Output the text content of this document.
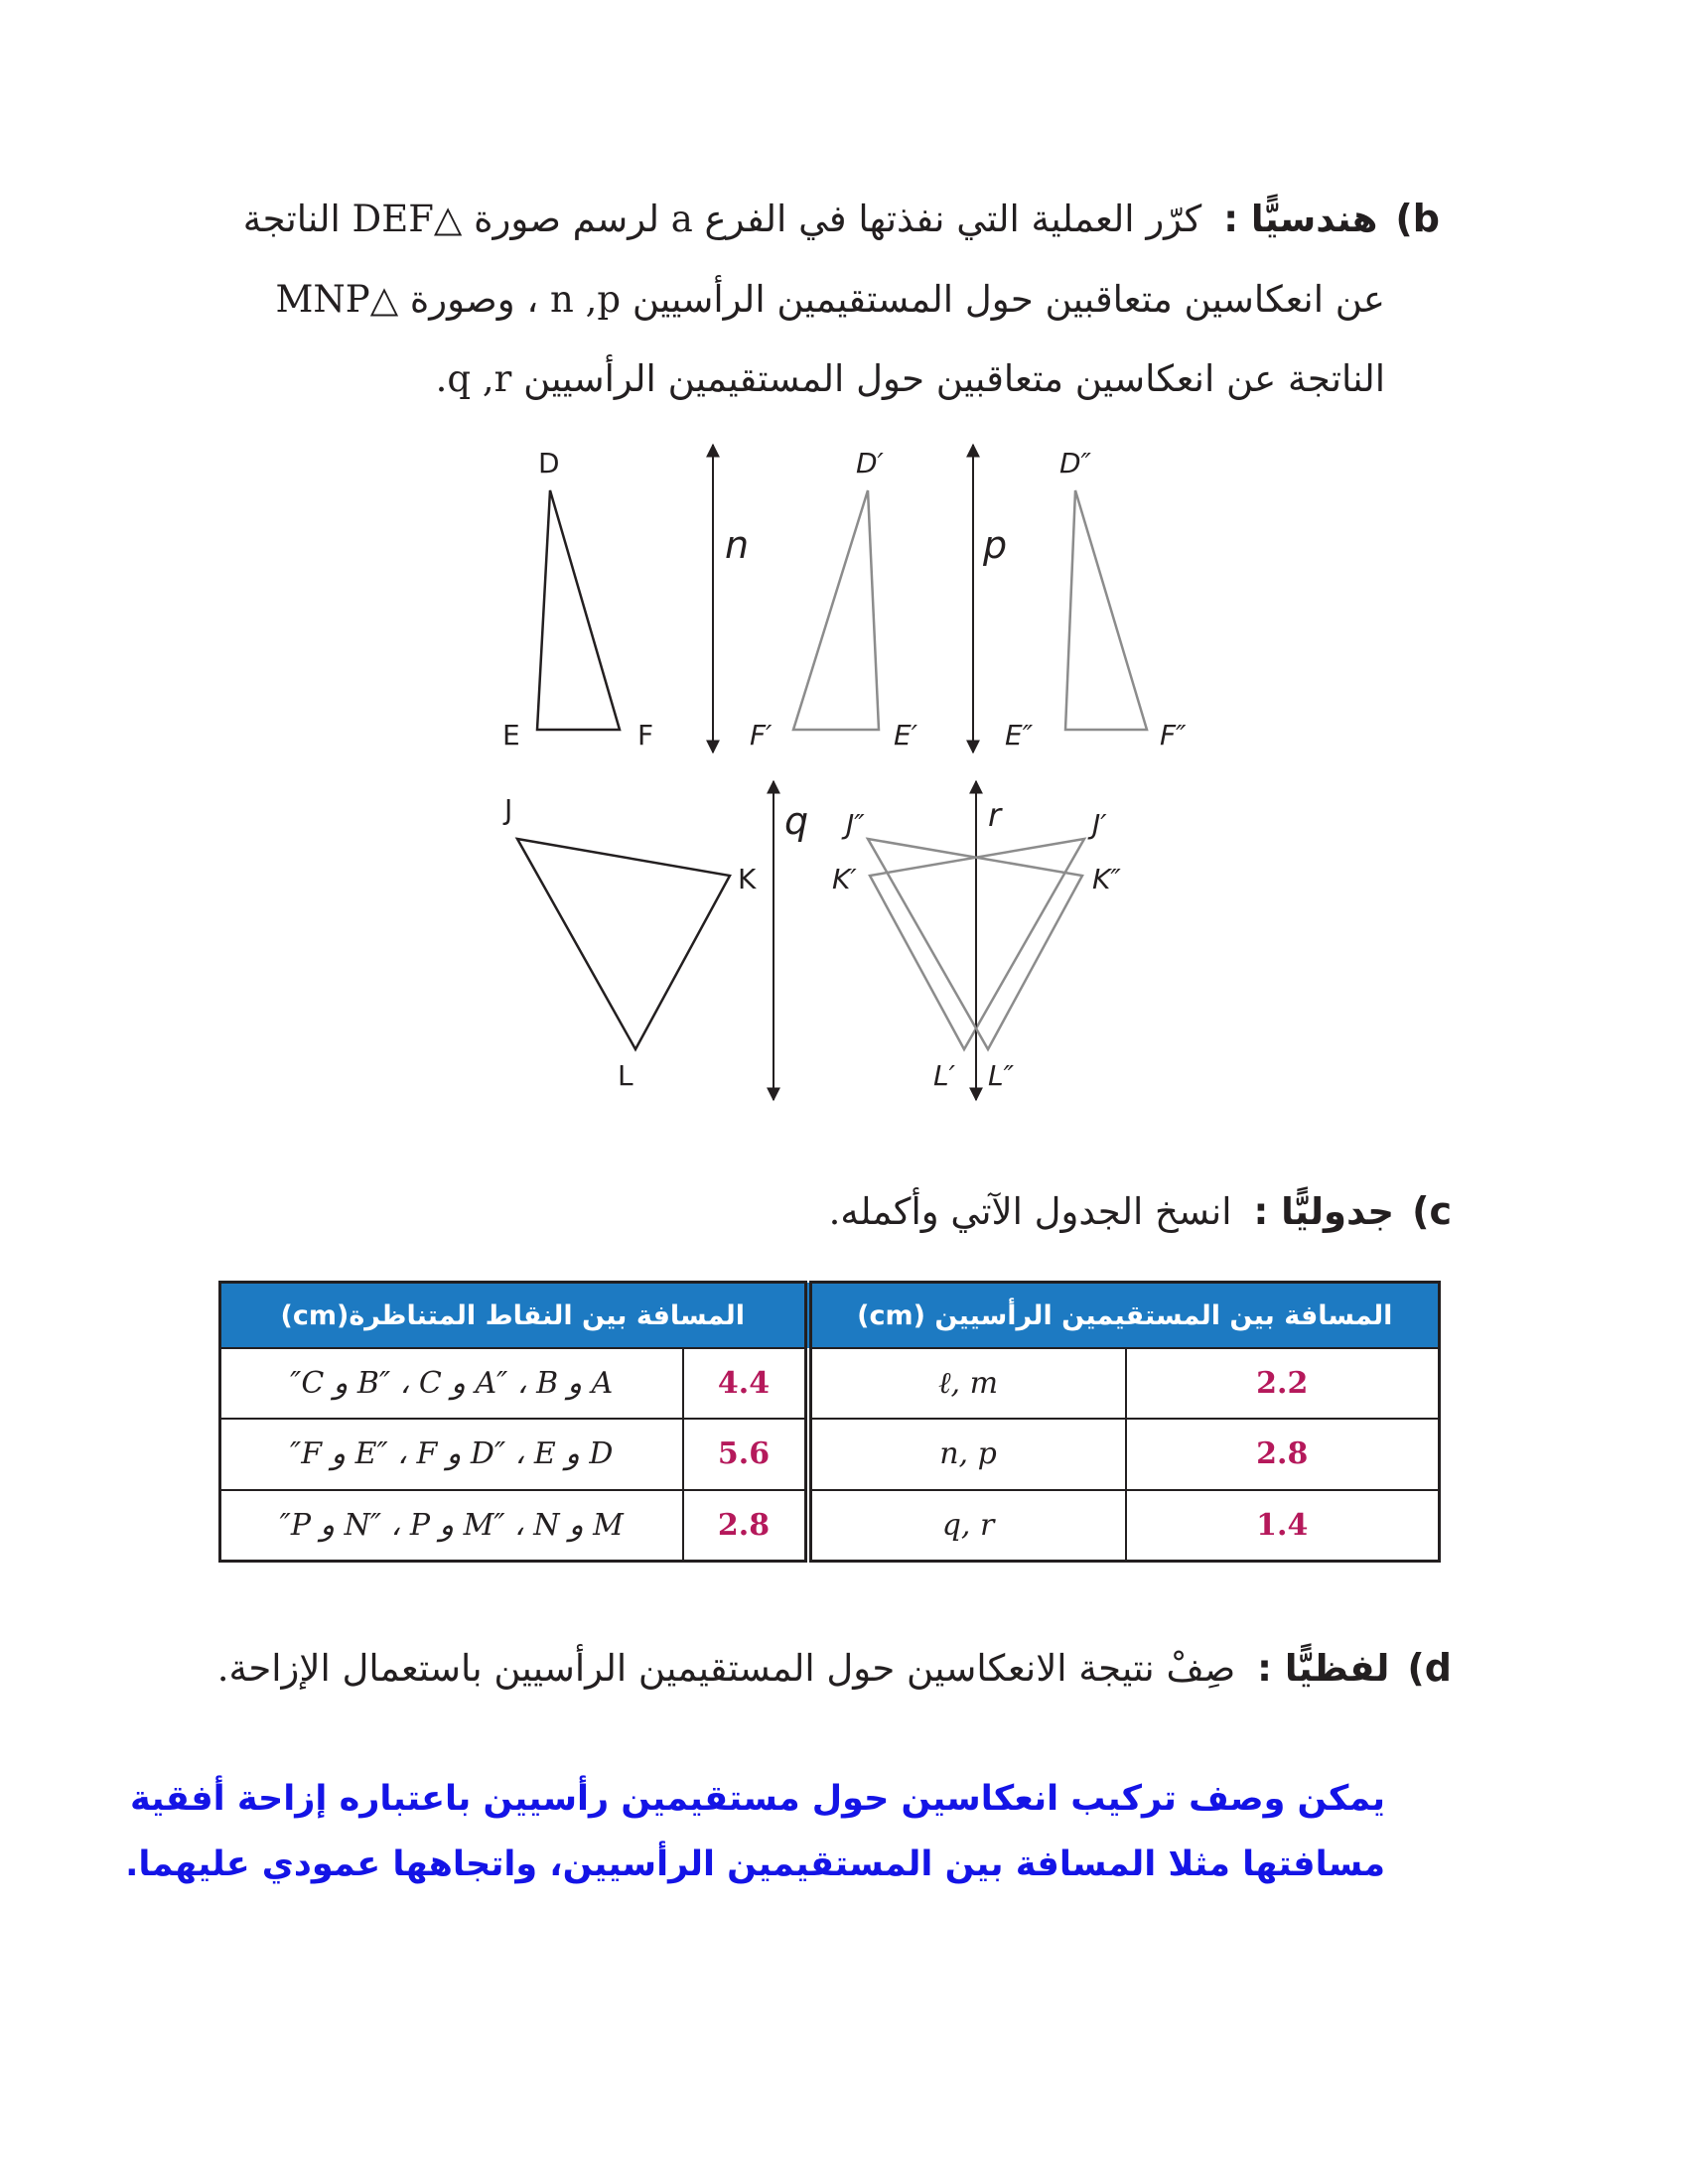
b)هندسيًّا :كرّر العملية التي نفذتها في الفرع a لرسم صورة △DEF الناتجة
عن انعكاسين متعاقبين حول المستقيمين الرأسيين n ,p ، وصورة △MNP
الناتجة عن انعكاسين متعاقبين حول المستقيمين الرأسيين q ,r.
D
E	F
n
D′
F′	E′
p
D″
E″	F″
J
K
L
q J″
K′
r	J′
K″
L′ L″
c)جدوليًّا :انسخ الجدول الآتي وأكمله.
المسافة بين المستقيمين الرأسيين (cm)		المسافة بين النقاط المتناظرة(cm)	
2.2	ℓ, m	4.4	A و A″ ، B و B″ ، C و C″
2.8	n, p	5.6	D و D″ ، E و E″ ، F و F″
1.4	q, r	2.8	M و M″ ، N و N″ ، P و P″
d)لفظيًّا :صِفْ نتيجة الانعكاسين حول المستقيمين الرأسيين باستعمال الإزاحة.
يمكن وصف تركيب انعكاسين حول مستقيمين رأسيين باعتباره إزاحة أفقية
مسافتها مثلا المسافة بين المستقيمين الرأسيين، واتجاهها عمودي عليهما.
